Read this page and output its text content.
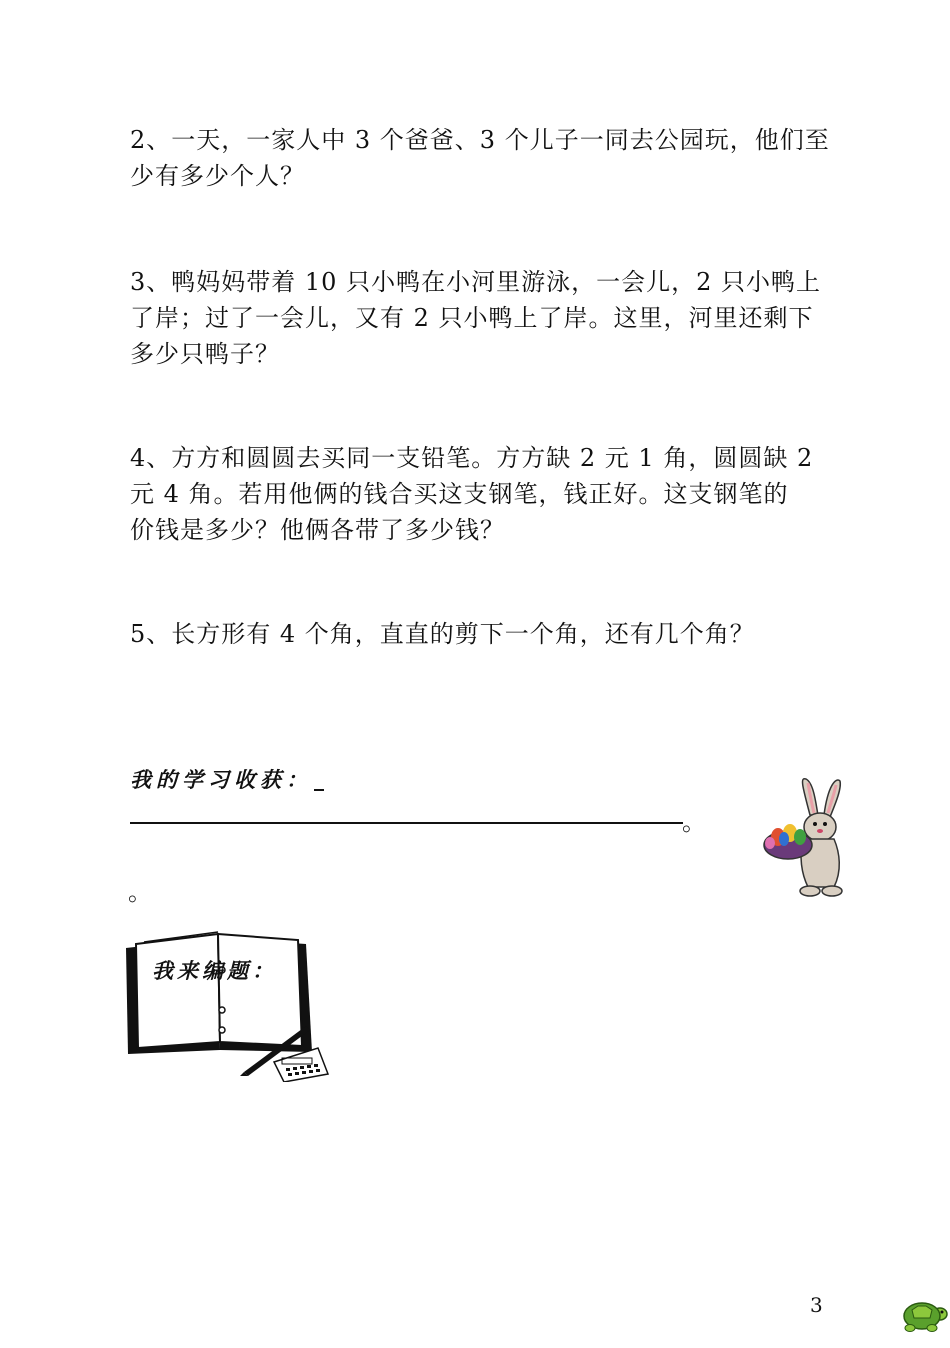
2、一天，一家人中 3 个爸爸、3 个儿子一同去公园玩，他们至
少有多少个人？
3、鸭妈妈带着 10 只小鸭在小河里游泳，一会儿，2 只小鸭上
了岸；过了一会儿，又有 2 只小鸭上了岸。这里，河里还剩下
多少只鸭子？
4、方方和圆圆去买同一支铅笔。方方缺 2 元 1 角，圆圆缺 2
元 4 角。若用他俩的钱合买这支钢笔，钱正好。这支钢笔的
价钱是多少？他俩各带了多少钱？
5、长方形有 4 个角，直直的剪下一个角，还有几个角？
我的学习收获：
。
。
我来编题：
3
